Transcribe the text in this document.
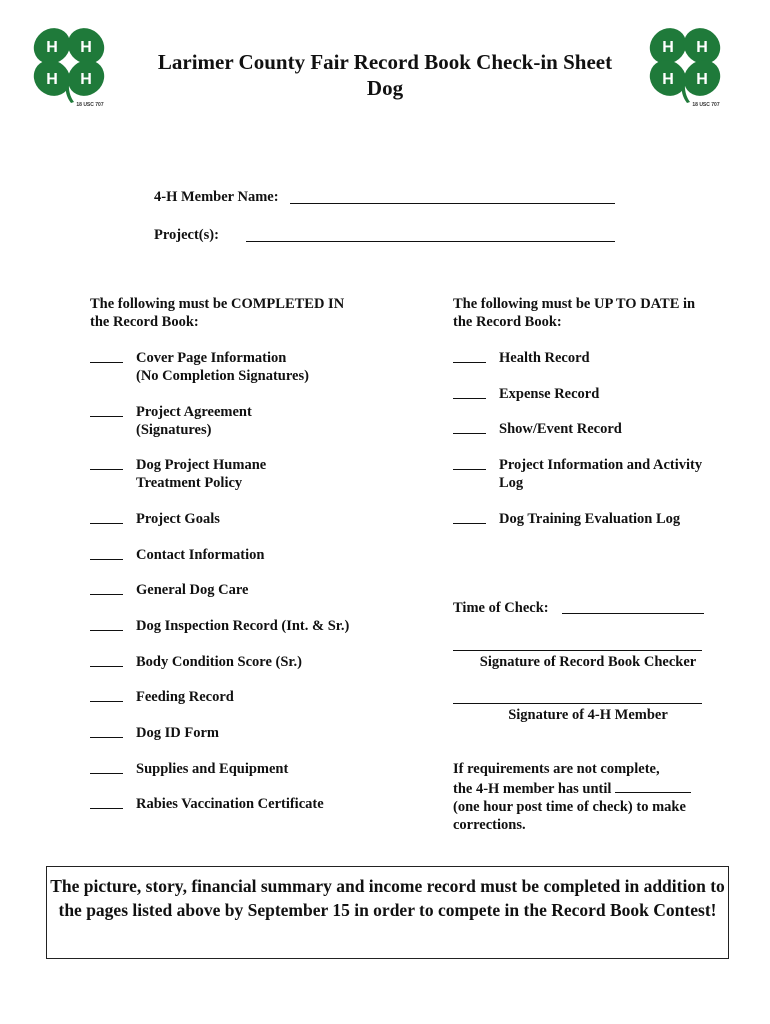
H H
H H
18 USC 707
H H
H H
18 USC 707
Larimer County Fair Record Book Check-in Sheet
Dog
4-H Member Name:
Project(s):
The following must be COMPLETED IN
the Record Book:
Cover Page Information
(No Completion Signatures)
Project Agreement
(Signatures)
Dog Project Humane
Treatment Policy
Project Goals
Contact Information
General Dog Care
Dog Inspection Record (Int. & Sr.)
Body Condition Score (Sr.)
Feeding Record
Dog ID Form
Supplies and Equipment
Rabies Vaccination Certificate
The following must be UP TO DATE in
the Record Book:
Health Record
Expense Record
Show/Event Record
Project Information and Activity
Log
Dog Training Evaluation Log
Time of Check:
Signature of Record Book Checker
Signature of 4-H Member
If requirements are not complete,
the 4-H member has until
(one hour post time of check) to make
corrections.
The picture, story, financial summary and income record must be completed in addition to the pages listed above by September 15 in order to compete in the Record Book Contest!
